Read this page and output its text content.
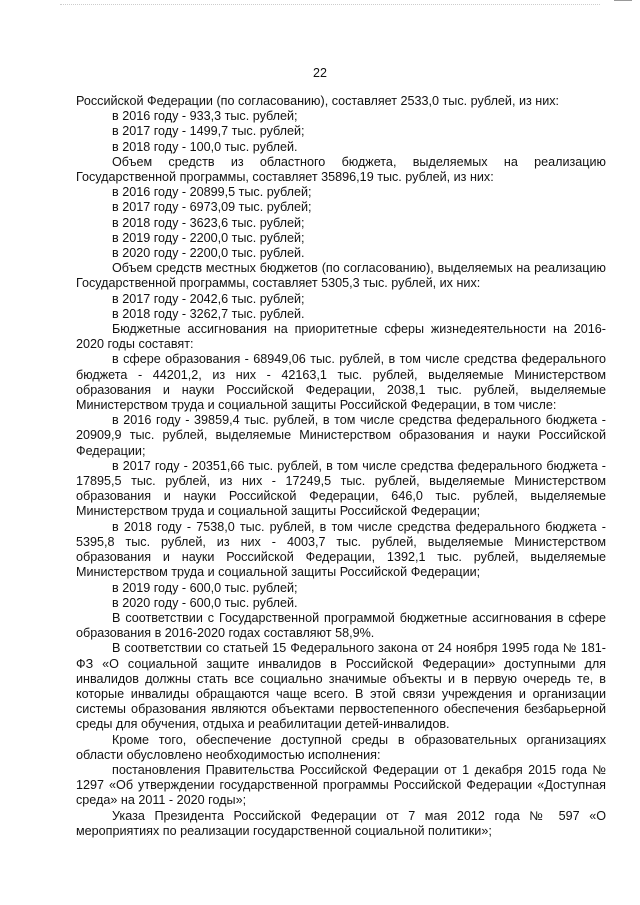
22

Российской Федерации (по согласованию), составляет 2533,0 тыс. рублей, из них:

в 2016 году - 933,3 тыс. рублей;

в 2017 году - 1499,7 тыс. рублей;

в 2018 году - 100,0 тыс. рублей.

Объем средств из областного бюджета, выделяемых на реализацию Государственной программы, составляет 35896,19 тыс. рублей, из них:

в 2016 году - 20899,5 тыс. рублей;

в 2017 году - 6973,09 тыс. рублей;

в 2018 году - 3623,6 тыс. рублей;

в 2019 году - 2200,0 тыс. рублей;

в 2020 году - 2200,0 тыс. рублей.

Объем средств местных бюджетов (по согласованию), выделяемых на реализацию Государственной программы, составляет 5305,3 тыс. рублей, их них:

в 2017 году - 2042,6 тыс. рублей;

в 2018 году - 3262,7 тыс. рублей.

Бюджетные ассигнования на приоритетные сферы жизнедеятельности на 2016-2020 годы составят:

в сфере образования - 68949,06 тыс. рублей, в том числе средства федерального бюджета - 44201,2, из них - 42163,1 тыс. рублей, выделяемые Министерством образования и науки Российской Федерации, 2038,1 тыс. рублей, выделяемые Министерством труда и социальной защиты Российской Федерации, в том числе:

в 2016 году - 39859,4 тыс. рублей, в том числе средства федерального бюджета - 20909,9 тыс. рублей, выделяемые Министерством образования и науки Российской Федерации;

в 2017 году - 20351,66 тыс. рублей, в том числе средства федерального бюджета - 17895,5 тыс. рублей, из них - 17249,5 тыс. рублей, выделяемые Министерством образования и науки Российской Федерации, 646,0 тыс. рублей, выделяемые Министерством труда и социальной защиты Российской Федерации;

в 2018 году - 7538,0 тыс. рублей, в том числе средства федерального бюджета - 5395,8 тыс. рублей, из них - 4003,7 тыс. рублей, выделяемые Министерством образования и науки Российской Федерации, 1392,1 тыс. рублей, выделяемые Министерством труда и социальной защиты Российской Федерации;

в 2019 году - 600,0 тыс. рублей;

в 2020 году - 600,0 тыс. рублей.

В соответствии с Государственной программой бюджетные ассигнования в сфере образования в 2016-2020 годах составляют 58,9%.

В соответствии со статьей 15 Федерального закона от 24 ноября 1995 года № 181-ФЗ «О социальной защите инвалидов в Российской Федерации» доступными для инвалидов должны стать все социально значимые объекты и в первую очередь те, в которые инвалиды обращаются чаще всего. В этой связи учреждения и организации системы образования являются объектами первостепенного обеспечения безбарьерной среды для обучения, отдыха и реабилитации детей-инвалидов.

Кроме того, обеспечение доступной среды в образовательных организациях области обусловлено необходимостью исполнения:

постановления Правительства Российской Федерации от 1 декабря 2015 года № 1297 «Об утверждении государственной программы Российской Федерации «Доступная среда» на 2011 - 2020 годы»;

Указа Президента Российской Федерации от 7 мая 2012 года № 597 «О мероприятиях по реализации государственной социальной политики»;
